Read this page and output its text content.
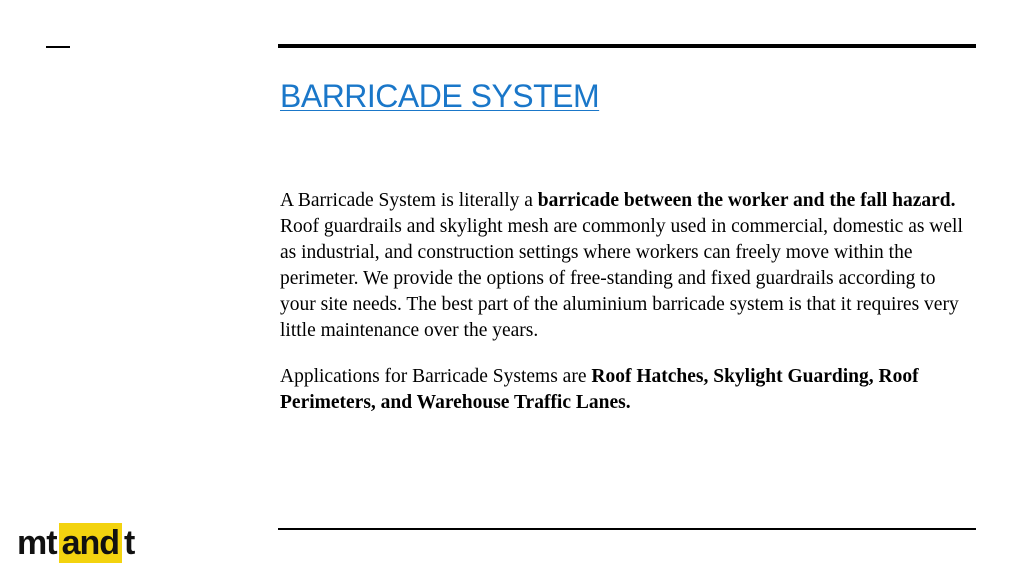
BARRICADE SYSTEM

A Barricade System is literally a barricade between the worker and the fall hazard. Roof guardrails and skylight mesh are commonly used in commercial, domestic as well as industrial, and construction settings where workers can freely move within the perimeter. We provide the options of free-standing and fixed guardrails according to your site needs. The best part of the aluminium barricade system is that it requires very little maintenance over the years.

Applications for Barricade Systems are Roof Hatches, Skylight Guarding, Roof Perimeters, and Warehouse Traffic Lanes.

mt and t
